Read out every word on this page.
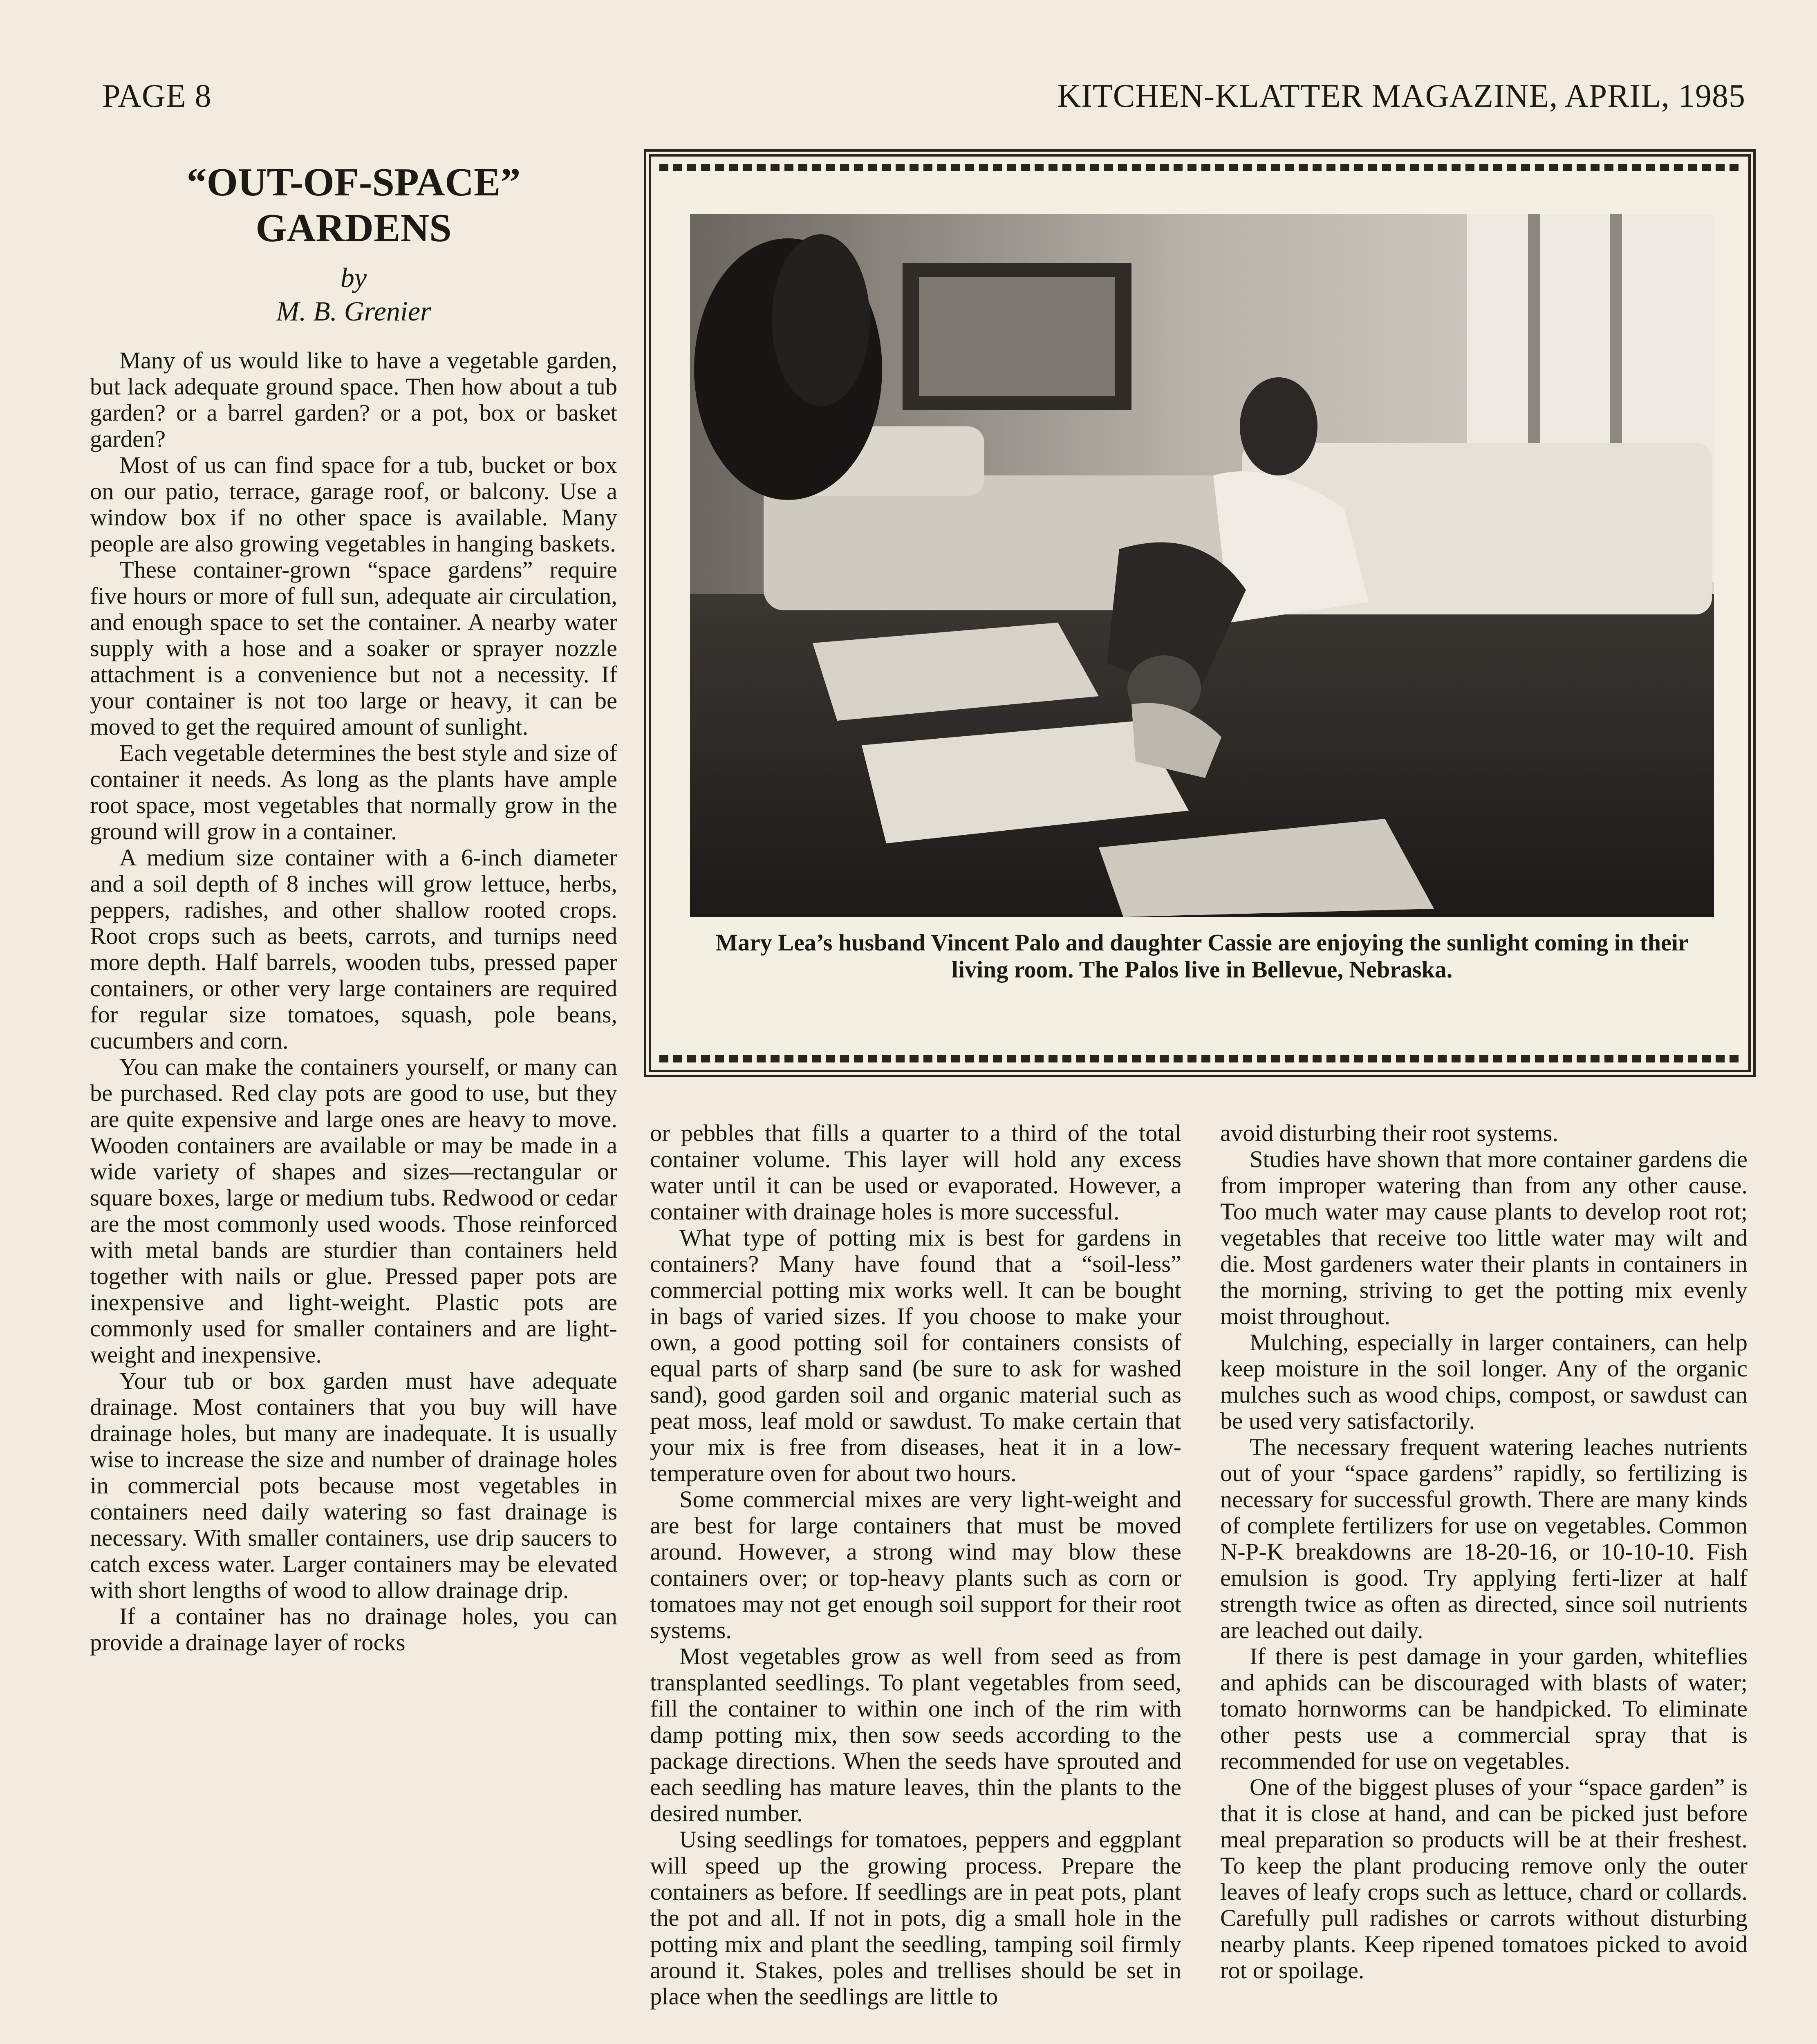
PAGE 8	KITCHEN-KLATTER MAGAZINE, APRIL, 1985
“OUT-OF-SPACE”
GARDENS
by
M. B. Grenier

Many of us would like to have a vegetable garden, but lack adequate ground space. Then how about a tub garden? or a barrel garden? or a pot, box or basket garden?

Most of us can find space for a tub, bucket or box on our patio, terrace, garage roof, or balcony. Use a window box if no other space is available. Many people are also growing vegetables in hanging baskets.

These container-grown “space gardens” require five hours or more of full sun, adequate air circulation, and enough space to set the container. A nearby water supply with a hose and a soaker or sprayer nozzle attachment is a convenience but not a necessity. If your container is not too large or heavy, it can be moved to get the required amount of sunlight.

Each vegetable determines the best style and size of container it needs. As long as the plants have ample root space, most vegetables that normally grow in the ground will grow in a container.

A medium size container with a 6-inch diameter and a soil depth of 8 inches will grow lettuce, herbs, peppers, radishes, and other shallow rooted crops. Root crops such as beets, carrots, and turnips need more depth. Half barrels, wooden tubs, pressed paper containers, or other very large containers are required for regular size tomatoes, squash, pole beans, cucumbers and corn.

You can make the containers yourself, or many can be purchased. Red clay pots are good to use, but they are quite expensive and large ones are heavy to move. Wooden containers are available or may be made in a wide variety of shapes and sizes—rectangular or square boxes, large or medium tubs. Redwood or cedar are the most commonly used woods. Those reinforced with metal bands are sturdier than containers held together with nails or glue. Pressed paper pots are inexpensive and light-weight. Plastic pots are commonly used for smaller containers and are light-weight and inexpensive.

Your tub or box garden must have adequate drainage. Most containers that you buy will have drainage holes, but many are inadequate. It is usually wise to increase the size and number of drainage holes in commercial pots because most vegetables in containers need daily watering so fast drainage is necessary. With smaller containers, use drip saucers to catch excess water. Larger containers may be elevated with short lengths of wood to allow drainage drip.

If a container has no drainage holes, you can provide a drainage layer of rocks

Mary Lea’s husband Vincent Palo and daughter Cassie are enjoying the sunlight coming in their living room. The Palos live in Bellevue, Nebraska.

or pebbles that fills a quarter to a third of the total container volume. This layer will hold any excess water until it can be used or evaporated. However, a container with drainage holes is more successful.

What type of potting mix is best for gardens in containers? Many have found that a “soil-less” commercial potting mix works well. It can be bought in bags of varied sizes. If you choose to make your own, a good potting soil for containers consists of equal parts of sharp sand (be sure to ask for washed sand), good garden soil and organic material such as peat moss, leaf mold or sawdust. To make certain that your mix is free from diseases, heat it in a low-temperature oven for about two hours.

Some commercial mixes are very light-weight and are best for large containers that must be moved around. However, a strong wind may blow these containers over; or top-heavy plants such as corn or tomatoes may not get enough soil support for their root systems.

Most vegetables grow as well from seed as from transplanted seedlings. To plant vegetables from seed, fill the container to within one inch of the rim with damp potting mix, then sow seeds according to the package directions. When the seeds have sprouted and each seedling has mature leaves, thin the plants to the desired number.

Using seedlings for tomatoes, peppers and eggplant will speed up the growing process. Prepare the containers as before. If seedlings are in peat pots, plant the pot and all. If not in pots, dig a small hole in the potting mix and plant the seedling, tamping soil firmly around it. Stakes, poles and trellises should be set in place when the seedlings are little to

avoid disturbing their root systems.

Studies have shown that more container gardens die from improper watering than from any other cause. Too much water may cause plants to develop root rot; vegetables that receive too little water may wilt and die. Most gardeners water their plants in containers in the morning, striving to get the potting mix evenly moist throughout.

Mulching, especially in larger containers, can help keep moisture in the soil longer. Any of the organic mulches such as wood chips, compost, or sawdust can be used very satisfactorily.

The necessary frequent watering leaches nutrients out of your “space gardens” rapidly, so fertilizing is necessary for successful growth. There are many kinds of complete fertilizers for use on vegetables. Common N-P-K breakdowns are 18-20-16, or 10-10-10. Fish emulsion is good. Try applying ferti-lizer at half strength twice as often as directed, since soil nutrients are leached out daily.

If there is pest damage in your garden, whiteflies and aphids can be discouraged with blasts of water; tomato hornworms can be handpicked. To eliminate other pests use a commercial spray that is recommended for use on vegetables.

One of the biggest pluses of your “space garden” is that it is close at hand, and can be picked just before meal preparation so products will be at their freshest. To keep the plant producing remove only the outer leaves of leafy crops such as lettuce, chard or collards. Carefully pull radishes or carrots without disturbing nearby plants. Keep ripened tomatoes picked to avoid rot or spoilage.
